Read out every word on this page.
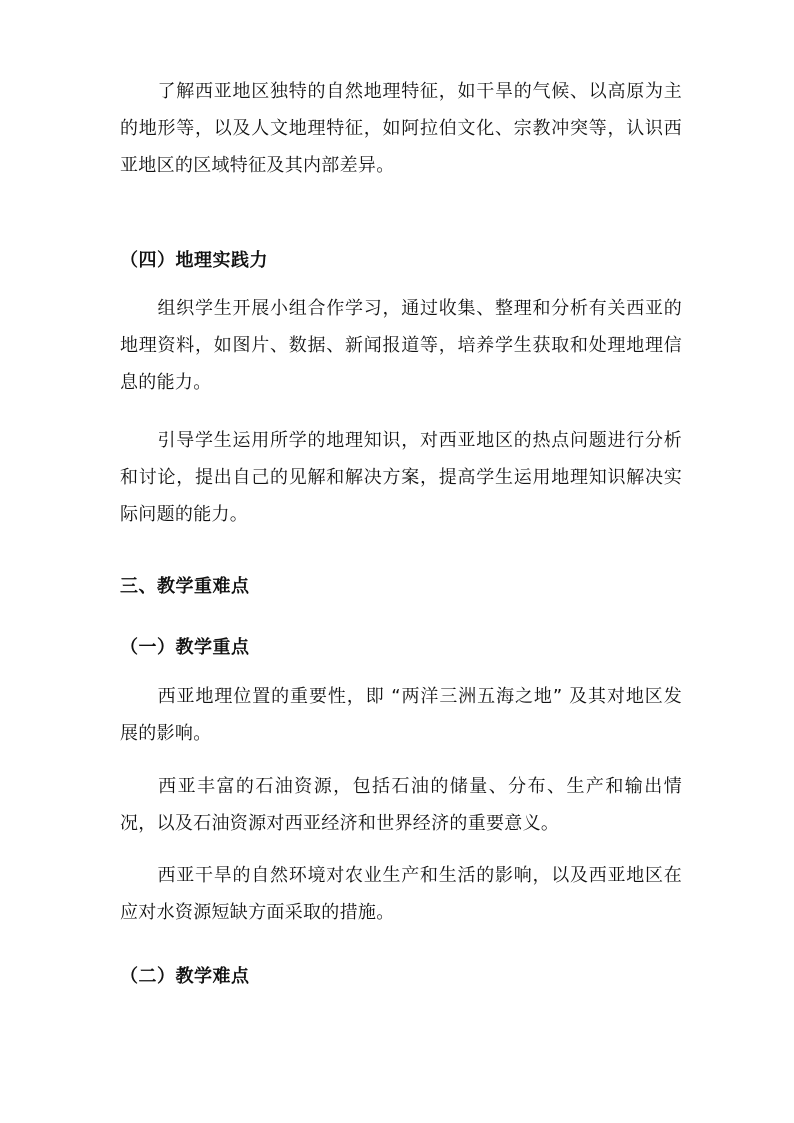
了解西亚地区独特的自然地理特征，如干旱的气候、以高原为主的地形等，以及人文地理特征，如阿拉伯文化、宗教冲突等，认识西亚地区的区域特征及其内部差异。

（四）地理实践力

组织学生开展小组合作学习，通过收集、整理和分析有关西亚的地理资料，如图片、数据、新闻报道等，培养学生获取和处理地理信息的能力。

引导学生运用所学的地理知识，对西亚地区的热点问题进行分析和讨论，提出自己的见解和解决方案，提高学生运用地理知识解决实际问题的能力。

三、教学重难点
（一）教学重点

西亚地理位置的重要性，即 “两洋三洲五海之地” 及其对地区发展的影响。

西亚丰富的石油资源，包括石油的储量、分布、生产和输出情况，以及石油资源对西亚经济和世界经济的重要意义。

西亚干旱的自然环境对农业生产和生活的影响，以及西亚地区在应对水资源短缺方面采取的措施。

（二）教学难点
